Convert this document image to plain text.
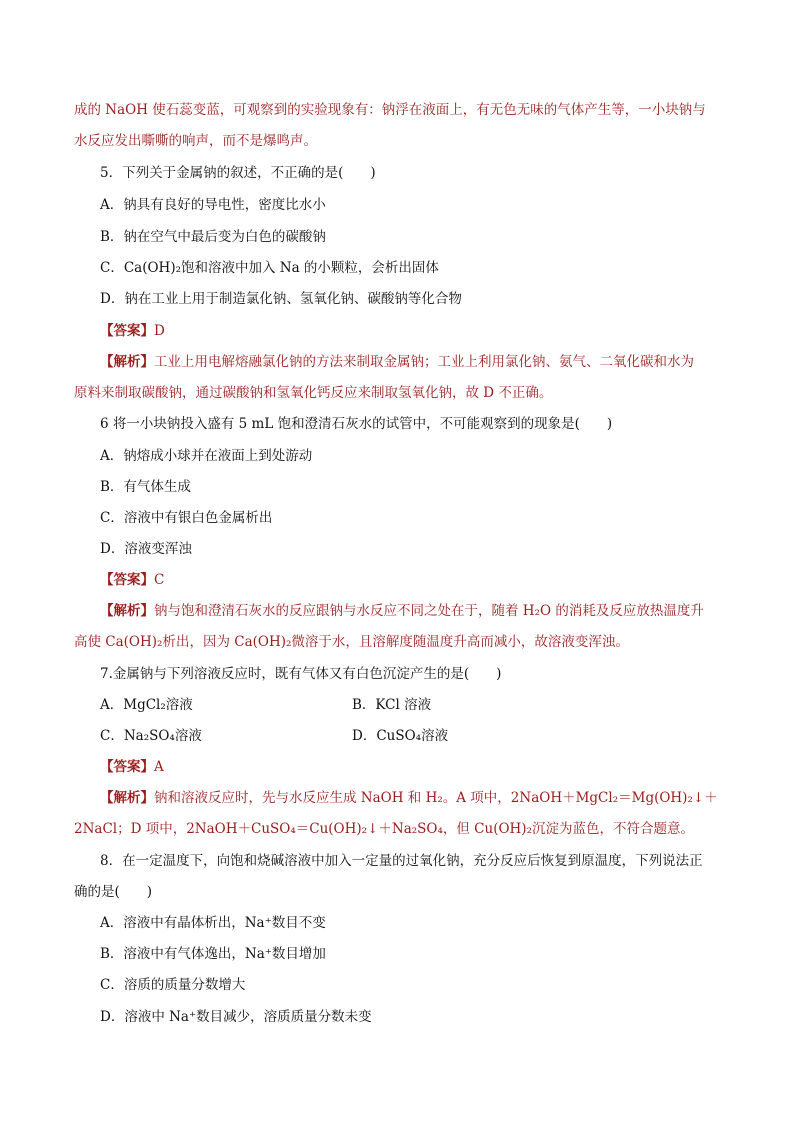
成的 NaOH 使石蕊变蓝，可观察到的实验现象有：钠浮在液面上，有无色无味的气体产生等，一小块钠与
水反应发出嘶嘶的响声，而不是爆鸣声。
5．下列关于金属钠的叙述，不正确的是(　　)
A．钠具有良好的导电性，密度比水小
B．钠在空气中最后变为白色的碳酸钠
C．Ca(OH)₂饱和溶液中加入 Na 的小颗粒，会析出固体
D．钠在工业上用于制造氯化钠、氢氧化钠、碳酸钠等化合物
【答案】D
【解析】工业上用电解熔融氯化钠的方法来制取金属钠；工业上利用氯化钠、氨气、二氧化碳和水为
原料来制取碳酸钠，通过碳酸钠和氢氧化钙反应来制取氢氧化钠，故 D 不正确。
6 将一小块钠投入盛有 5 mL 饱和澄清石灰水的试管中，不可能观察到的现象是(　　)
A．钠熔成小球并在液面上到处游动
B．有气体生成
C．溶液中有银白色金属析出
D．溶液变浑浊
【答案】C
【解析】钠与饱和澄清石灰水的反应跟钠与水反应不同之处在于，随着 H₂O 的消耗及反应放热温度升
高使 Ca(OH)₂析出，因为 Ca(OH)₂微溶于水，且溶解度随温度升高而减小，故溶液变浑浊。
7.金属钠与下列溶液反应时，既有气体又有白色沉淀产生的是(　　)
A．MgCl₂溶液	B．KCl 溶液
C．Na₂SO₄溶液	D．CuSO₄溶液
【答案】A
【解析】钠和溶液反应时，先与水反应生成 NaOH 和 H₂。A 项中，2NaOH＋MgCl₂＝Mg(OH)₂↓＋
2NaCl；D 项中，2NaOH＋CuSO₄＝Cu(OH)₂↓＋Na₂SO₄，但 Cu(OH)₂沉淀为蓝色，不符合题意。
8．在一定温度下，向饱和烧碱溶液中加入一定量的过氧化钠，充分反应后恢复到原温度，下列说法正
确的是(　　)
A．溶液中有晶体析出，Na⁺数目不变
B．溶液中有气体逸出，Na⁺数目增加
C．溶质的质量分数增大
D．溶液中 Na⁺数目减少，溶质质量分数未变
